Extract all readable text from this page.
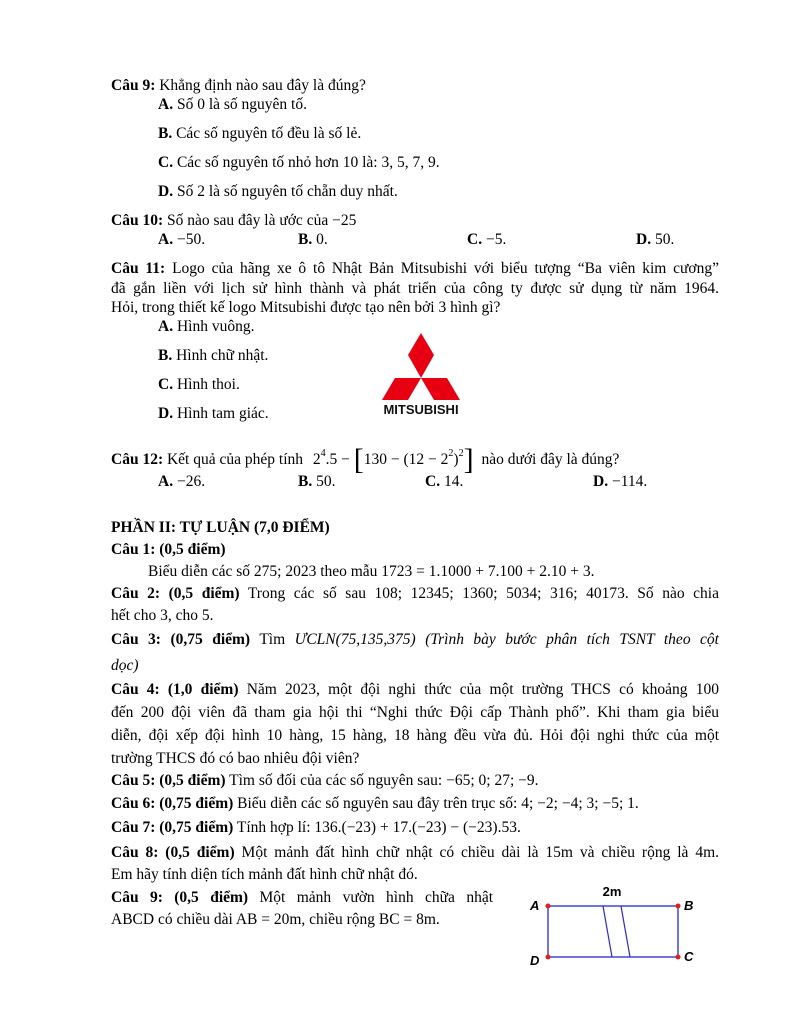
Câu 9: Khẳng định nào sau đây là đúng?
A. Số 0 là số nguyên tố.
B. Các số nguyên tố đều là số lẻ.
C. Các số nguyên tố nhỏ hơn 10 là: 3, 5, 7, 9.
D. Số 2 là số nguyên tố chẵn duy nhất.
Câu 10: Số nào sau đây là ước của −25
A. −50.	B. 0.	C. −5.	D. 50.
Câu 11: Logo của hãng xe ô tô Nhật Bản Mitsubishi với biểu tượng “Ba viên kim cương”
đã gắn liền với lịch sử hình thành và phát triển của công ty được sử dụng từ năm 1964.
Hỏi, trong thiết kế logo Mitsubishi được tạo nên bởi 3 hình gì?
A. Hình vuông.
B. Hình chữ nhật.
C. Hình thoi.
D. Hình tam giác.	MITSUBISHI
Câu 12: Kết quả của phép tính $2^4.5 - [130 - (12 - 2^2)^2]$ nào dưới đây là đúng?
A. −26.	B. 50.	C. 14.	D. −114.
PHẦN II: TỰ LUẬN (7,0 ĐIỂM)
Câu 1: (0,5 điểm)
Biểu diễn các số 275; 2023 theo mẫu 1723 = 1.1000 + 7.100 + 2.10 + 3.
Câu 2: (0,5 điểm) Trong các số sau 108; 12345; 1360; 5034; 316; 40173. Số nào chia
hết cho 3, cho 5.
Câu 3: (0,75 điểm) Tìm ƯCLN(75,135,375) (Trình bày bước phân tích TSNT theo cột
dọc)
Câu 4: (1,0 điểm) Năm 2023, một đội nghi thức của một trường THCS có khoảng 100
đến 200 đội viên đã tham gia hội thi “Nghi thức Đội cấp Thành phố”. Khi tham gia biểu
diễn, đội xếp đội hình 10 hàng, 15 hàng, 18 hàng đều vừa đủ. Hỏi đội nghi thức của một
trường THCS đó có bao nhiêu đội viên?
Câu 5: (0,5 điểm) Tìm số đối của các số nguyên sau: −65; 0; 27; −9.
Câu 6: (0,75 điểm) Biểu diễn các số nguyên sau đây trên trục số: 4; −2; −4; 3; −5; 1.
Câu 7: (0,75 điểm) Tính hợp lí: 136.(−23) + 17.(−23) − (−23).53.
Câu 8: (0,5 điểm) Một mảnh đất hình chữ nhật có chiều dài là 15m và chiều rộng là 4m.
Em hãy tính diện tích mảnh đất hình chữ nhật đó.
Câu 9: (0,5 điểm) Một mảnh vườn hình chữa nhật
ABCD có chiều dài AB = 20m, chiều rộng BC = 8m.
2m
A	B
C
D
